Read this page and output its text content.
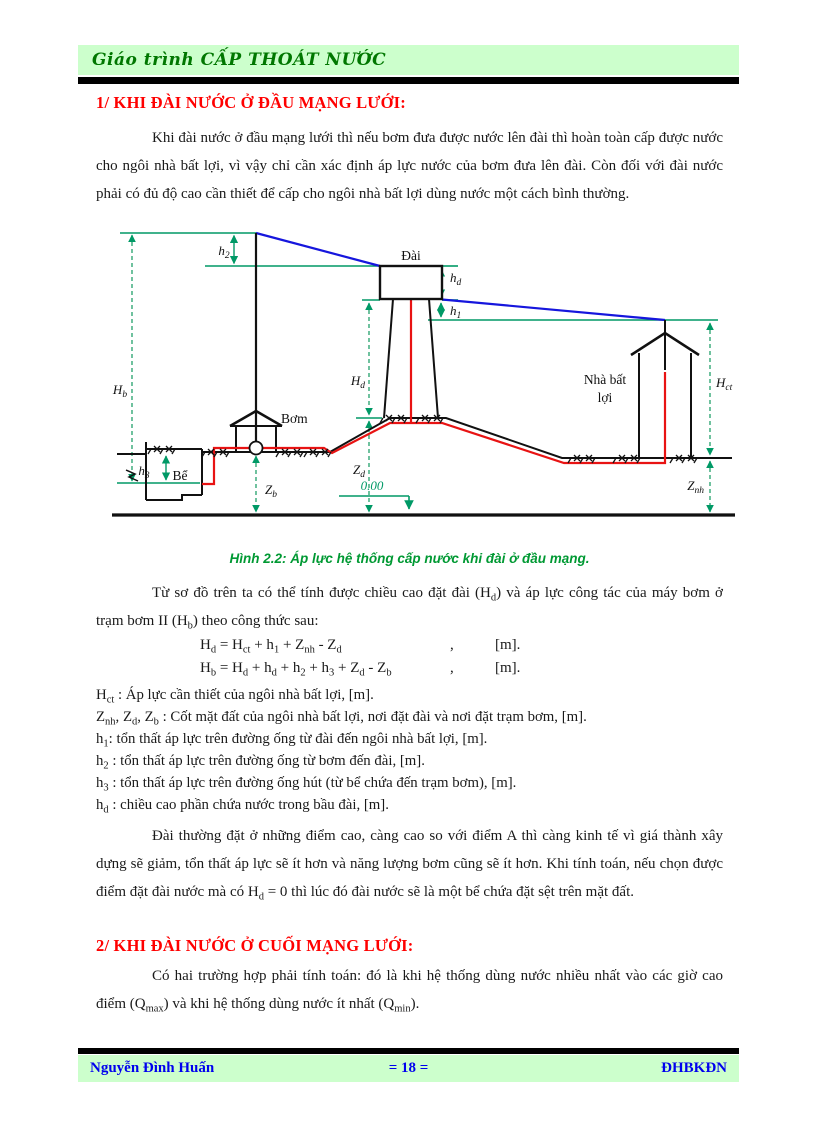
Giáo trình CẤP THOÁT NƯỚC
1/ KHI ĐÀI NƯỚC Ở ĐẦU MẠNG LƯỚI:
Khi đài nước ở đầu mạng lưới thì nếu bơm đưa được nước lên đài thì hoàn toàn cấp được nước cho ngôi nhà bất lợi, vì vậy chỉ cần xác định áp lực nước của bơm đưa lên đài. Còn đối với đài nước phải có đủ độ cao cần thiết để cấp cho ngôi nhà bất lợi dùng nước một cách bình thường.
Đài
Bơm
Bể
Nhà bất
lợi
0.00
$h_2$
$H_b$
$h_3$
$Z_b$
$H_d$
$Z_d$
$h_d$
$h_1$
$H_{ct}$
$Z_{nh}$
Hình 2.2: Áp lực hệ thống cấp nước khi đài ở đầu mạng.
Từ sơ đồ trên ta có thể tính được chiều cao đặt đài $(H_d)$ và áp lực công tác của máy bơm ở trạm bơm II $(H_b)$ theo công thức sau:
$H_d = H_{ct} + h_1 + Z_{nh} - Z_d$	,	[m].
$H_b = H_d + h_d + h_2 + h_3 + Z_d - Z_b$	,	[m].
$H_{ct}$ : Áp lực cần thiết của ngôi nhà bất lợi, [m].
$Z_{nh}$, $Z_d$, $Z_b$ : Cốt mặt đất của ngôi nhà bất lợi, nơi đặt đài và nơi đặt trạm bơm, [m].
$h_1$: tổn thất áp lực trên đường ống từ đài đến ngôi nhà bất lợi, [m].
$h_2$ : tổn thất áp lực trên đường ống từ bơm đến đài, [m].
$h_3$ : tổn thất áp lực trên đường ống hút (từ bể chứa đến trạm bơm), [m].
$h_d$ : chiều cao phần chứa nước trong bầu đài, [m].
Đài thường đặt ở những điểm cao, càng cao so với điểm A thì càng kinh tế vì giá thành xây dựng sẽ giảm, tổn thất áp lực sẽ ít hơn và năng lượng bơm cũng sẽ ít hơn. Khi tính toán, nếu chọn được điểm đặt đài nước mà có $H_d = 0$ thì lúc đó đài nước sẽ là một bể chứa đặt sệt trên mặt đất.
2/ KHI ĐÀI NƯỚC Ở CUỐI MẠNG LƯỚI:
Có hai trường hợp phải tính toán: đó là khi hệ thống dùng nước nhiều nhất vào các giờ cao điểm $(Q_{max})$ và khi hệ thống dùng nước ít nhất $(Q_{min})$.
Nguyễn Đình Huấn	= 18 =	ĐHBKĐN
